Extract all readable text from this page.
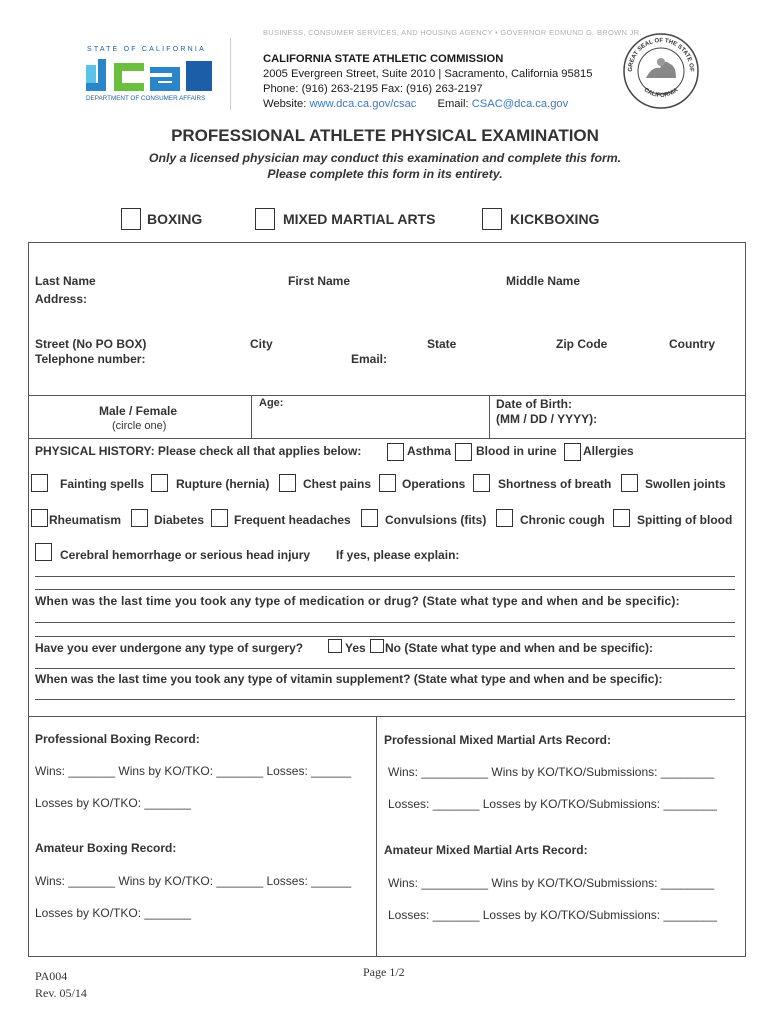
BUSINESS, CONSUMER SERVICES, AND HOUSING AGENCY • GOVERNOR EDMUND G. BROWN JR.
STATE OF CALIFORNIA
DEPARTMENT OF CONSUMER AFFAIRS
CALIFORNIA STATE ATHLETIC COMMISSION
2005 Evergreen Street, Suite 2010 | Sacramento, California 95815
Phone: (916) 263-2195 Fax: (916) 263-2197
Website: www.dca.ca.gov/csac Email: CSAC@dca.ca.gov
GREAT SEAL OF THE STATE OF
CALIFORNIA
PROFESSIONAL ATHLETE PHYSICAL EXAMINATION
Only a licensed physician may conduct this examination and complete this form.
Please complete this form in its entirety.
BOXING	MIXED MARTIAL ARTS	KICKBOXING
Last Name	First Name	Middle Name
Address:
Street (No PO BOX)	City	State	Zip Code	Country
Telephone number:	Email:
Male / Female
(circle one)
Age:	Date of Birth:
(MM / DD / YYYY):
PHYSICAL HISTORY: Please check all that applies below:	Asthma Blood in urine Allergies
Fainting spells	Rupture (hernia)	Chest pains	Operations	Shortness of breath	Swollen joints
Rheumatism	Diabetes Frequent headaches	Convulsions (fits)	Chronic cough	Spitting of blood
Cerebral hemorrhage or serious head injury If yes, please explain:
When was the last time you took any type of medication or drug? (State what type and when and be specific):
Have you ever undergone any type of surgery?	Yes No (State what type and when and be specific):
When was the last time you took any type of vitamin supplement? (State what type and when and be specific):
Professional Boxing Record:	Professional Mixed Martial Arts Record:
Wins: _______ Wins by KO/TKO: _______ Losses: ______	Wins: __________ Wins by KO/TKO/Submissions: ________
Losses by KO/TKO: _______	Losses: _______ Losses by KO/TKO/Submissions: ________
Amateur Boxing Record:	Amateur Mixed Martial Arts Record:
Wins: _______ Wins by KO/TKO: _______ Losses: ______	Wins: __________ Wins by KO/TKO/Submissions: ________
Losses by KO/TKO: _______	Losses: _______ Losses by KO/TKO/Submissions: ________
PA004
Rev. 05/14
Page 1/2
